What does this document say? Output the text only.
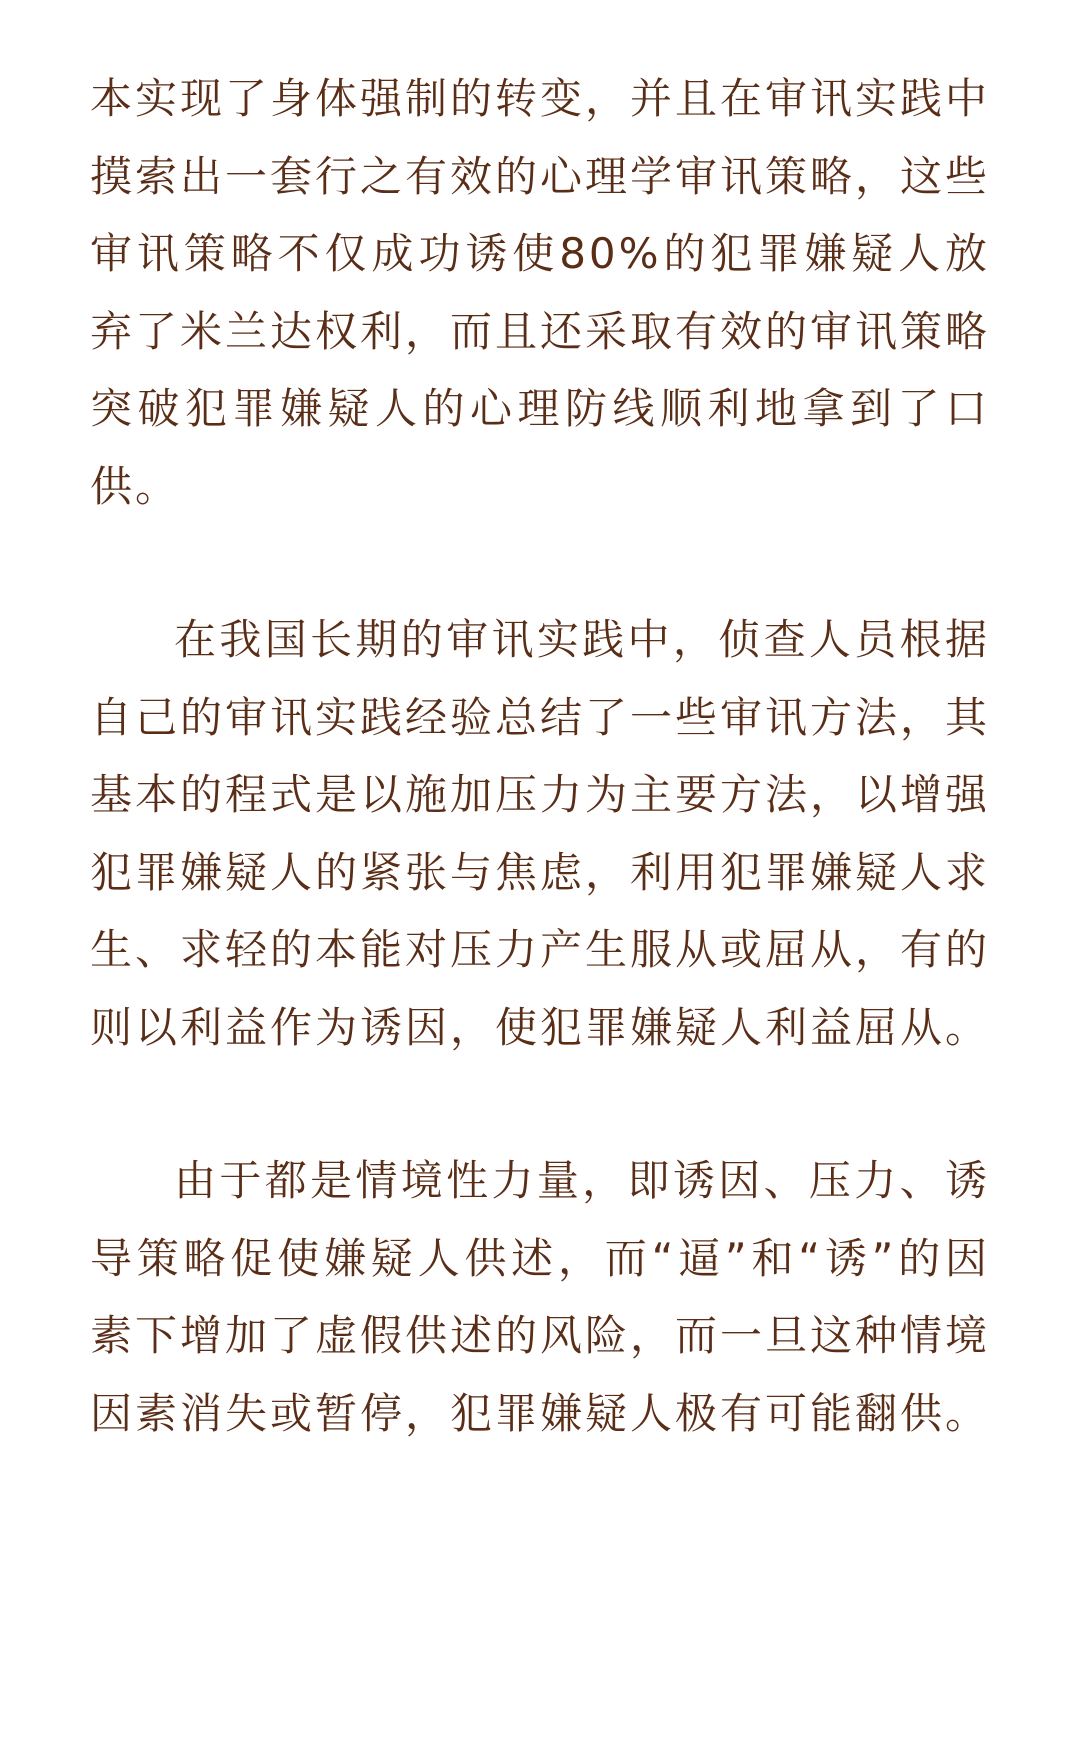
本实现了身体强制的转变，并且在审讯实践中摸索出一套行之有效的心理学审讯策略，这些审讯策略不仅成功诱使80%的犯罪嫌疑人放弃了米兰达权利，而且还采取有效的审讯策略突破犯罪嫌疑人的心理防线顺利地拿到了口供。

在我国长期的审讯实践中，侦查人员根据自己的审讯实践经验总结了一些审讯方法，其基本的程式是以施加压力为主要方法，以增强犯罪嫌疑人的紧张与焦虑，利用犯罪嫌疑人求生、求轻的本能对压力产生服从或屈从，有的则以利益作为诱因，使犯罪嫌疑人利益屈从。

由于都是情境性力量，即诱因、压力、诱导策略促使嫌疑人供述，而“逼”和“诱”的因素下增加了虚假供述的风险，而一旦这种情境因素消失或暂停，犯罪嫌疑人极有可能翻供。
